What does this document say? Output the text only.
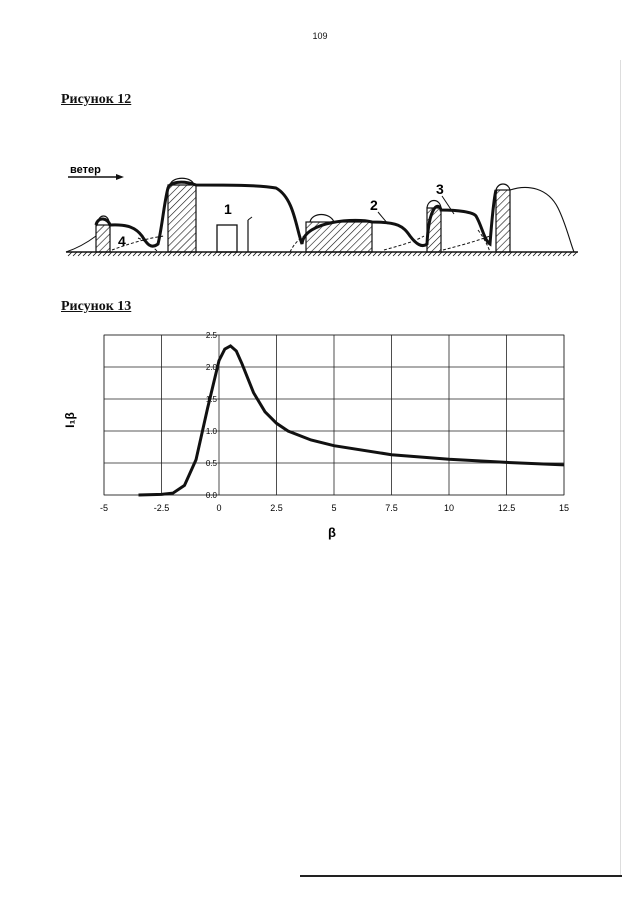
109
Рисунок 12
ветер
1	2
3
4
Рисунок 13
-5	-2.5	0	2.5	5	7.5	10	12.5	15
0.0
0.5
1.0
1.5
2.0
2.5
β
I₁β
